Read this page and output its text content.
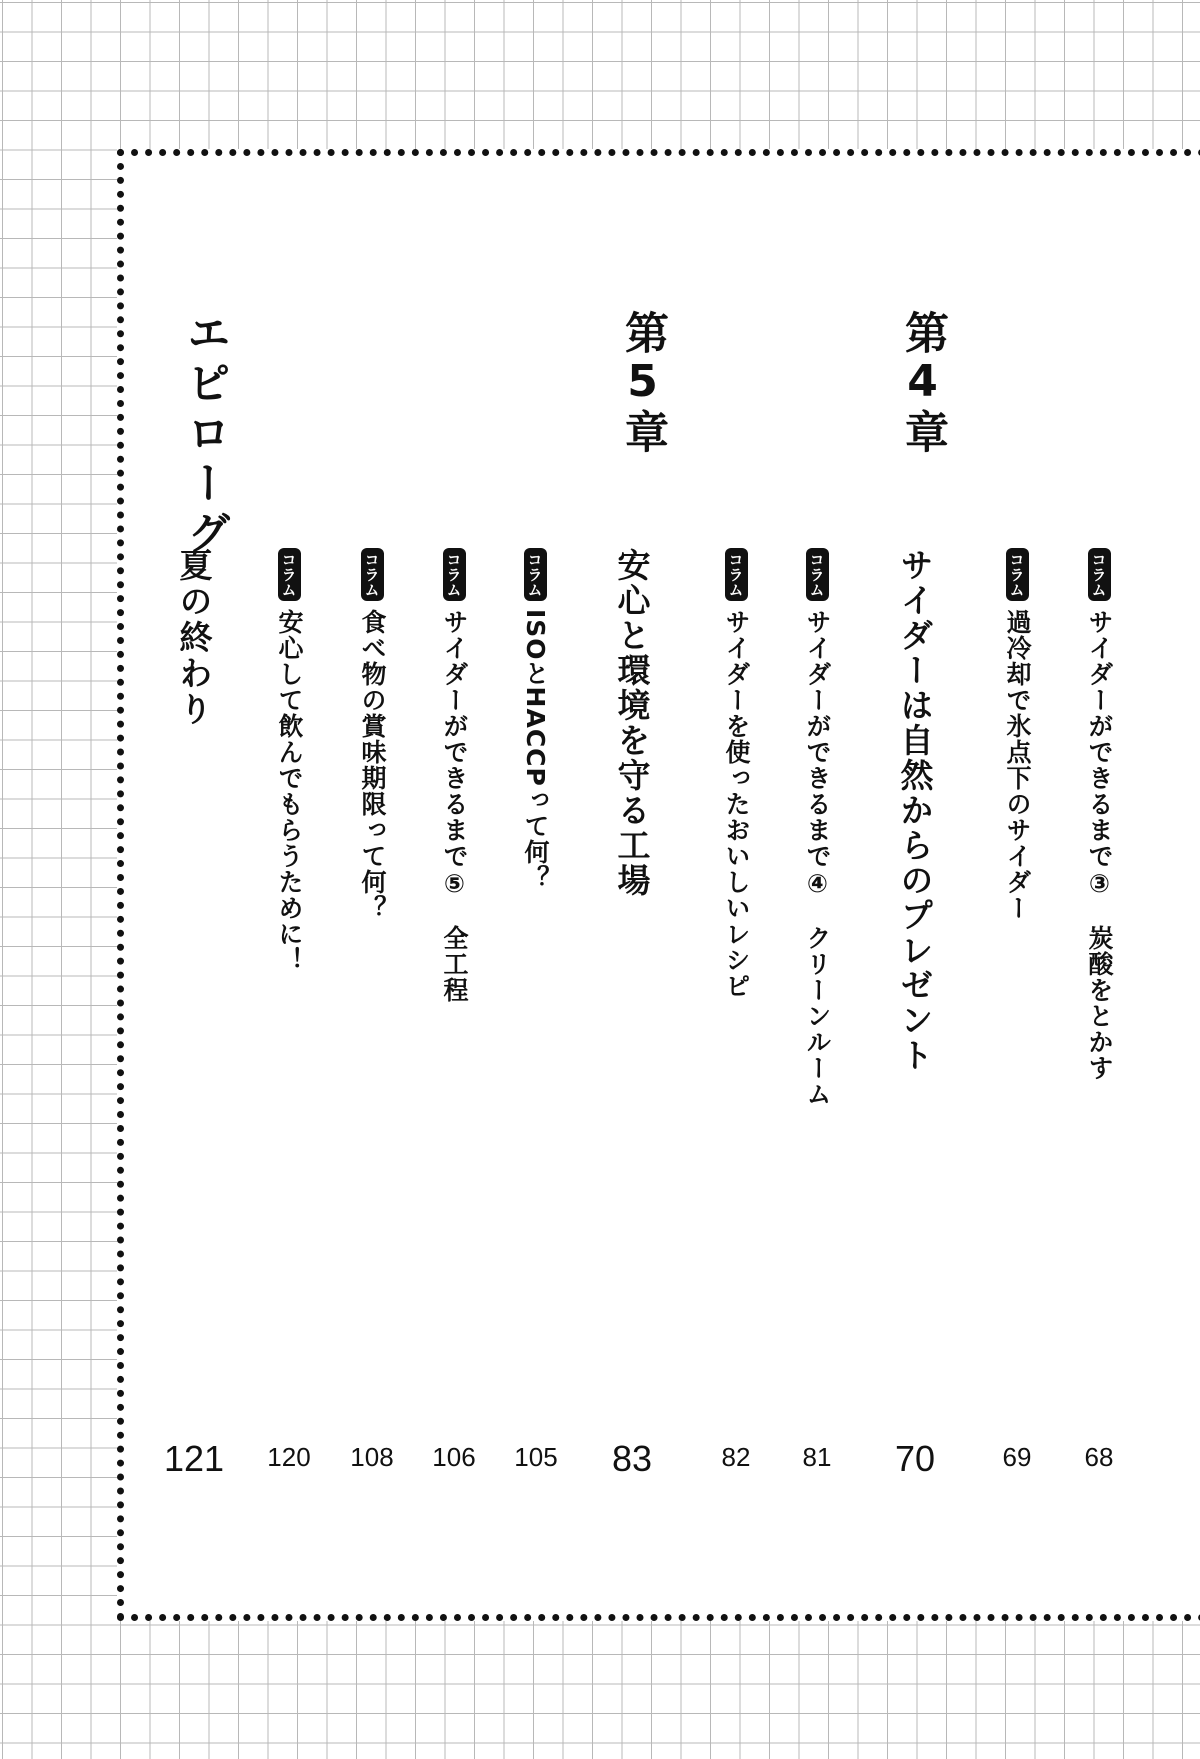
第4章
第5章
エピローグ
コラム
サイダーができるまで③　炭酸をとかす
68
コラム
過冷却で氷点下のサイダー
69
サイダーは自然からのプレゼント
70
コラム
サイダーができるまで④　クリーンルーム
81
コラム
サイダーを使ったおいしいレシピ
82
安心と環境を守る工場
83
コラム
ISOとHACCPって何？
105
コラム
サイダーができるまで⑤　全工程
106
コラム
食べ物の賞味期限って何？
108
コラム
安心して飲んでもらうために！
120
夏の終わり
121
